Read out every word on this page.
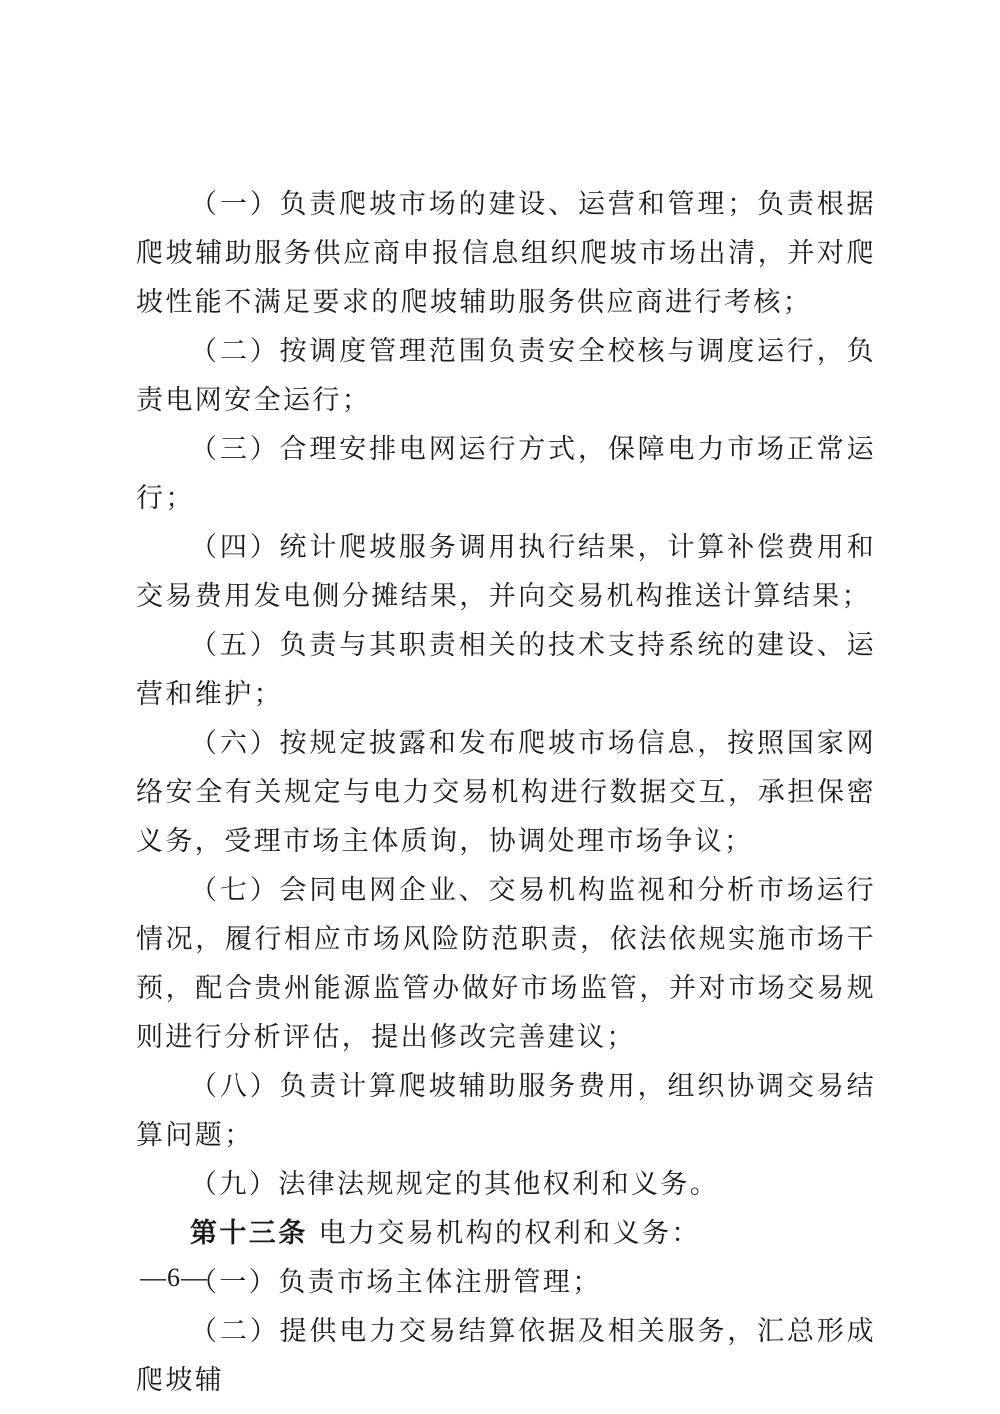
（一）负责爬坡市场的建设、运营和管理；负责根据爬坡辅助服务供应商申报信息组织爬坡市场出清，并对爬坡性能不满足要求的爬坡辅助服务供应商进行考核；

（二）按调度管理范围负责安全校核与调度运行，负责电网安全运行；

（三）合理安排电网运行方式，保障电力市场正常运行；

（四）统计爬坡服务调用执行结果，计算补偿费用和交易费用发电侧分摊结果，并向交易机构推送计算结果；

（五）负责与其职责相关的技术支持系统的建设、运营和维护；

（六）按规定披露和发布爬坡市场信息，按照国家网络安全有关规定与电力交易机构进行数据交互，承担保密义务，受理市场主体质询，协调处理市场争议；

（七）会同电网企业、交易机构监视和分析市场运行情况，履行相应市场风险防范职责，依法依规实施市场干预，配合贵州能源监管办做好市场监管，并对市场交易规则进行分析评估，提出修改完善建议；

（八）负责计算爬坡辅助服务费用，组织协调交易结算问题；

（九）法律法规规定的其他权利和义务。

第十三条 电力交易机构的权利和义务：

（一）负责市场主体注册管理；

（二）提供电力交易结算依据及相关服务，汇总形成爬坡辅

—6—
